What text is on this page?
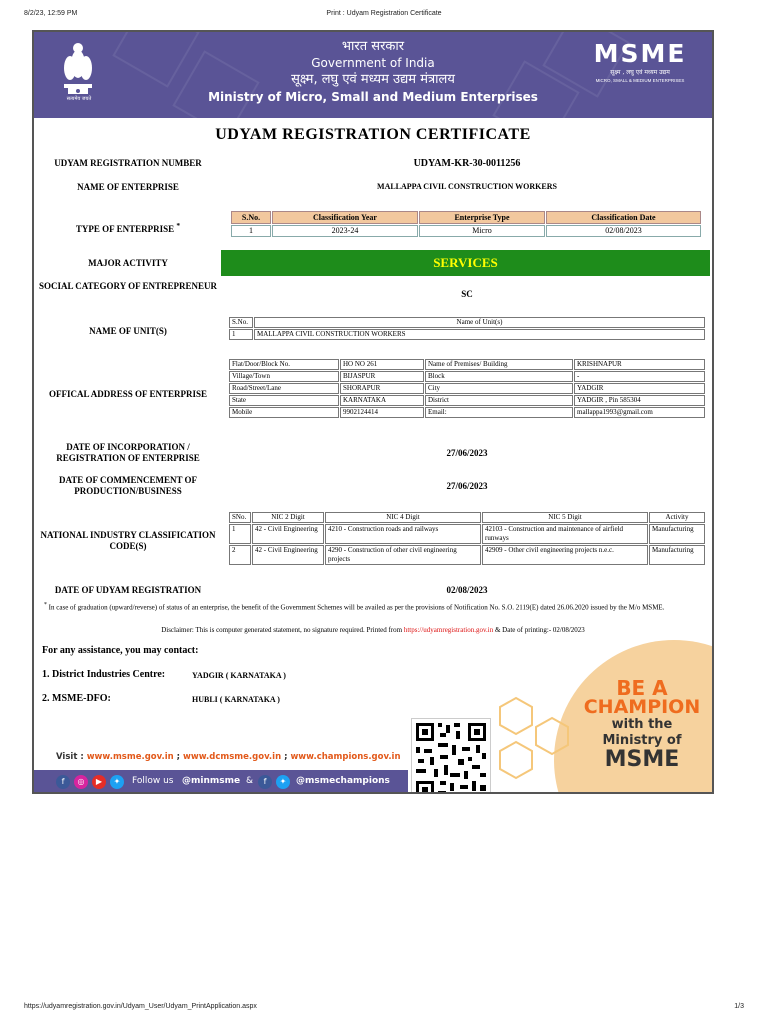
8/2/23, 12:59 PM	Print : Udyam Registration Certificate
सत्यमेव जयते
भारत सरकार
Government of India
सूक्ष्म, लघु एवं मध्यम उद्यम मंत्रालय
Ministry of Micro, Small and Medium Enterprises
MSME
सूक्ष्म , लघु एवं मध्यम उद्यम
MICRO, SMALL & MEDIUM ENTERPRISES
UDYAM REGISTRATION CERTIFICATE
UDYAM REGISTRATION NUMBER	UDYAM-KR-30-0011256
NAME OF ENTERPRISE	MALLAPPA CIVIL CONSTRUCTION WORKERS
TYPE OF ENTERPRISE *
S.No.	Classification Year	Enterprise Type	Classification Date
1	2023-24	Micro	02/08/2023
MAJOR ACTIVITY	SERVICES
SOCIAL CATEGORY OF ENTREPRENEUR
SC
NAME OF UNIT(S)
S.No.	Name of Unit(s)
1	MALLAPPA CIVIL CONSTRUCTION WORKERS
OFFICAL ADDRESS OF ENTERPRISE
Flat/Door/Block No.	HO NO 261	Name of Premises/ Building	KRISHNAPUR
Village/Town	BIJASPUR	Block	-
Road/Street/Lane	SHORAPUR	City	YADGIR
State	KARNATAKA	District	YADGIR , Pin 585304
Mobile	9902124414	Email:	mallappa1993@gmail.com
DATE OF INCORPORATION / REGISTRATION OF ENTERPRISE	27/06/2023
DATE OF COMMENCEMENT OF PRODUCTION/BUSINESS	27/06/2023
NATIONAL INDUSTRY CLASSIFICATION CODE(S)
SNo.	NIC 2 Digit	NIC 4 Digit	NIC 5 Digit	Activity
1	42 - Civil Engineering	4210 - Construction roads and railways	42103 - Construction and maintenance of airfield runways	Manufacturing
2	42 - Civil Engineering	4290 - Construction of other civil engineering projects	42909 - Other civil engineering projects n.e.c.	Manufacturing
DATE OF UDYAM REGISTRATION	02/08/2023
* In case of graduation (upward/reverse) of status of an enterprise, the benefit of the Government Schemes will be availed as per the provisions of Notification No. S.O. 2119(E) dated 26.06.2020 issued by the M/o MSME.
Disclaimer: This is computer generated statement, no signature required. Printed from https://udyamregistration.gov.in & Date of printing:- 02/08/2023
For any assistance, you may contact:
1. District Industries Centre:	YADGIR ( KARNATAKA )
2. MSME-DFO:	HUBLI ( KARNATAKA )	BE A
CHAMPION
with the
Ministry of
MSME
Visit : www.msme.gov.in ; www.dcmsme.gov.in ; www.champions.gov.in
f	◎	▶	✦	Follow us @minmsme &	f	✦	@msmechampions
https://udyamregistration.gov.in/Udyam_User/Udyam_PrintApplication.aspx	1/3
